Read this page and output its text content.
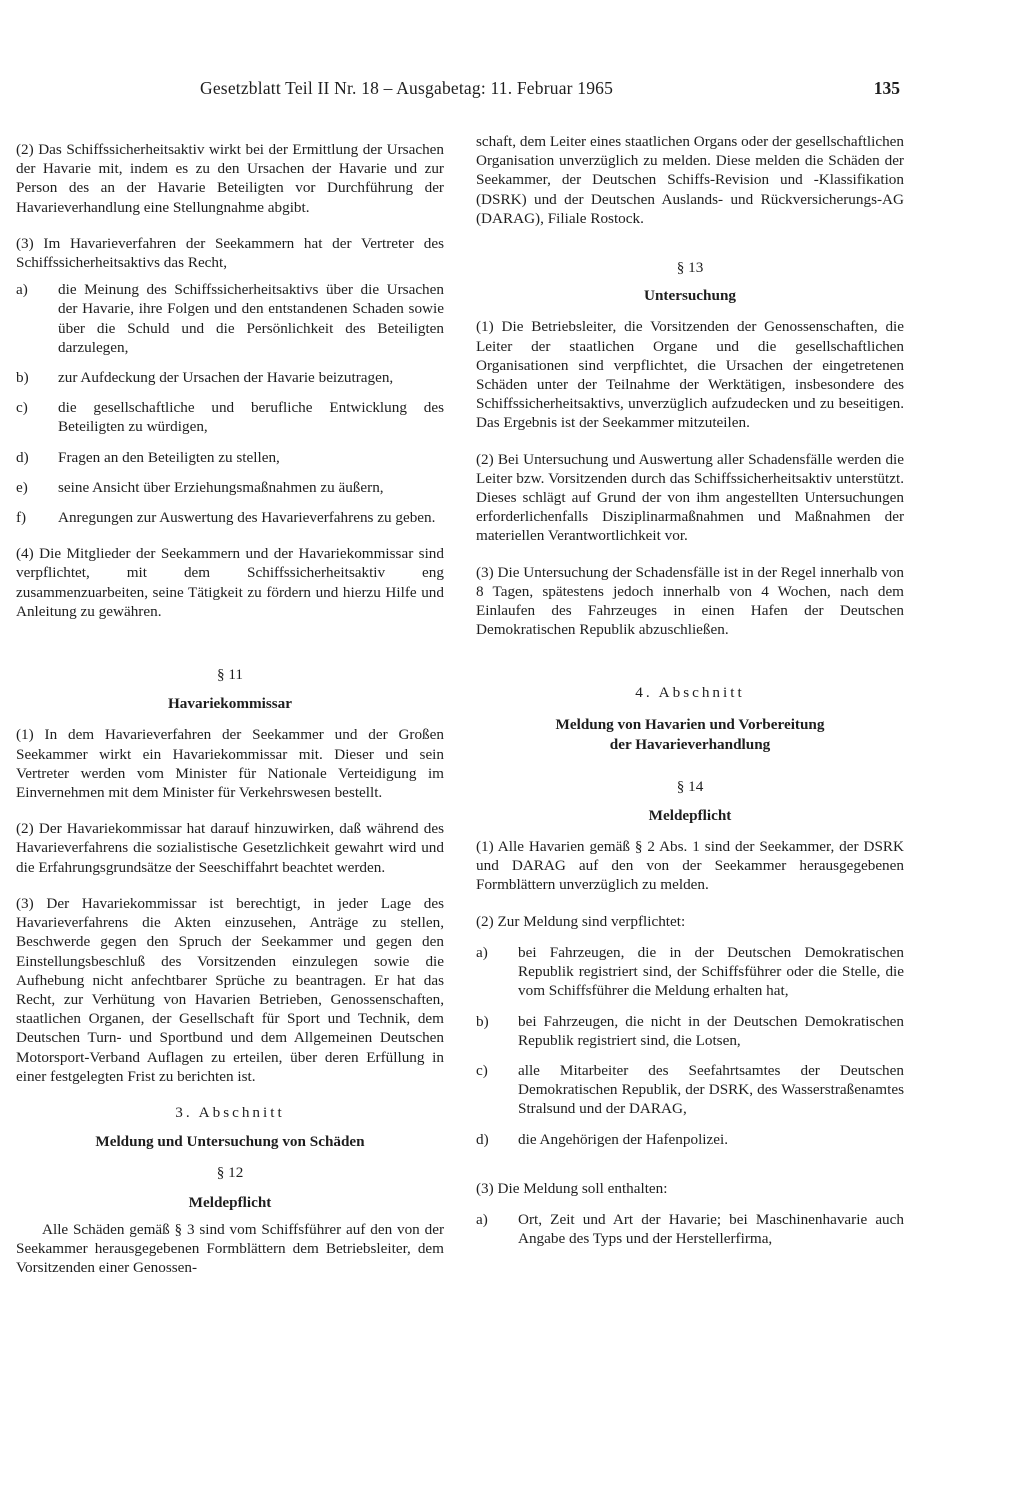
Gesetzblatt Teil II Nr. 18 – Ausgabetag: 11. Februar 1965	135

(2) Das Schiffssicherheitsaktiv wirkt bei der Ermittlung der Ursachen der Havarie mit, indem es zu den Ursachen der Havarie und zur Person des an der Havarie Beteiligten vor Durchführung der Havarieverhandlung eine Stellungnahme abgibt.

(3) Im Havarieverfahren der Seekammern hat der Vertreter des Schiffssicherheitsaktivs das Recht,

a)	die Meinung des Schiffssicherheitsaktivs über die Ursachen der Havarie, ihre Folgen und den entstandenen Schaden sowie über die Schuld und die Persönlichkeit des Beteiligten darzulegen,
b)	zur Aufdeckung der Ursachen der Havarie beizutragen,
c)	die gesellschaftliche und berufliche Entwicklung des Beteiligten zu würdigen,
d)	Fragen an den Beteiligten zu stellen,
e)	seine Ansicht über Erziehungsmaßnahmen zu äußern,
f)	Anregungen zur Auswertung des Havarieverfahrens zu geben.

(4) Die Mitglieder der Seekammern und der Havariekommissar sind verpflichtet, mit dem Schiffssicherheitsaktiv eng zusammenzuarbeiten, seine Tätigkeit zu fördern und hierzu Hilfe und Anleitung zu gewähren.

§ 11

Havariekommissar

(1) In dem Havarieverfahren der Seekammer und der Großen Seekammer wirkt ein Havariekommissar mit. Dieser und sein Vertreter werden vom Minister für Nationale Verteidigung im Einvernehmen mit dem Minister für Verkehrswesen bestellt.

(2) Der Havariekommissar hat darauf hinzuwirken, daß während des Havarieverfahrens die sozialistische Gesetzlichkeit gewahrt wird und die Erfahrungsgrundsätze der Seeschiffahrt beachtet werden.

(3) Der Havariekommissar ist berechtigt, in jeder Lage des Havarieverfahrens die Akten einzusehen, Anträge zu stellen, Beschwerde gegen den Spruch der Seekammer und gegen den Einstellungsbeschluß des Vorsitzenden einzulegen sowie die Aufhebung nicht anfechtbarer Sprüche zu beantragen. Er hat das Recht, zur Verhütung von Havarien Betrieben, Genossenschaften, staatlichen Organen, der Gesellschaft für Sport und Technik, dem Deutschen Turn- und Sportbund und dem Allgemeinen Deutschen Motorsport-Verband Auflagen zu erteilen, über deren Erfüllung in einer festgelegten Frist zu berichten ist.

3. Abschnitt

Meldung und Untersuchung von Schäden

§ 12

Meldepflicht

Alle Schäden gemäß § 3 sind vom Schiffsführer auf den von der Seekammer herausgegebenen Formblättern dem Betriebsleiter, dem Vorsitzenden einer Genossen-

schaft, dem Leiter eines staatlichen Organs oder der gesellschaftlichen Organisation unverzüglich zu melden. Diese melden die Schäden der Seekammer, der Deutschen Schiffs-Revision und -Klassifikation (DSRK) und der Deutschen Auslands- und Rückversicherungs-AG (DARAG), Filiale Rostock.

§ 13

Untersuchung

(1) Die Betriebsleiter, die Vorsitzenden der Genossenschaften, die Leiter der staatlichen Organe und die gesellschaftlichen Organisationen sind verpflichtet, die Ursachen der eingetretenen Schäden unter der Teilnahme der Werktätigen, insbesondere des Schiffssicherheitsaktivs, unverzüglich aufzudecken und zu beseitigen. Das Ergebnis ist der Seekammer mitzuteilen.

(2) Bei Untersuchung und Auswertung aller Schadensfälle werden die Leiter bzw. Vorsitzenden durch das Schiffssicherheitsaktiv unterstützt. Dieses schlägt auf Grund der von ihm angestellten Untersuchungen erforderlichenfalls Disziplinarmaßnahmen und Maßnahmen der materiellen Verantwortlichkeit vor.

(3) Die Untersuchung der Schadensfälle ist in der Regel innerhalb von 8 Tagen, spätestens jedoch innerhalb von 4 Wochen, nach dem Einlaufen des Fahrzeuges in einen Hafen der Deutschen Demokratischen Republik abzuschließen.

4. Abschnitt

Meldung von Havarien und Vorbereitung

der Havarieverhandlung

§ 14

Meldepflicht

(1) Alle Havarien gemäß § 2 Abs. 1 sind der Seekammer, der DSRK und DARAG auf den von der Seekammer herausgegebenen Formblättern unverzüglich zu melden.

(2) Zur Meldung sind verpflichtet:

a)	bei Fahrzeugen, die in der Deutschen Demokratischen Republik registriert sind, der Schiffsführer oder die Stelle, die vom Schiffsführer die Meldung erhalten hat,
b)	bei Fahrzeugen, die nicht in der Deutschen Demokratischen Republik registriert sind, die Lotsen,
c)	alle Mitarbeiter des Seefahrtsamtes der Deutschen Demokratischen Republik, der DSRK, des Wasserstraßenamtes Stralsund und der DARAG,
d)	die Angehörigen der Hafenpolizei.

(3) Die Meldung soll enthalten:

a)	Ort, Zeit und Art der Havarie; bei Maschinenhavarie auch Angabe des Typs und der Herstellerfirma,
